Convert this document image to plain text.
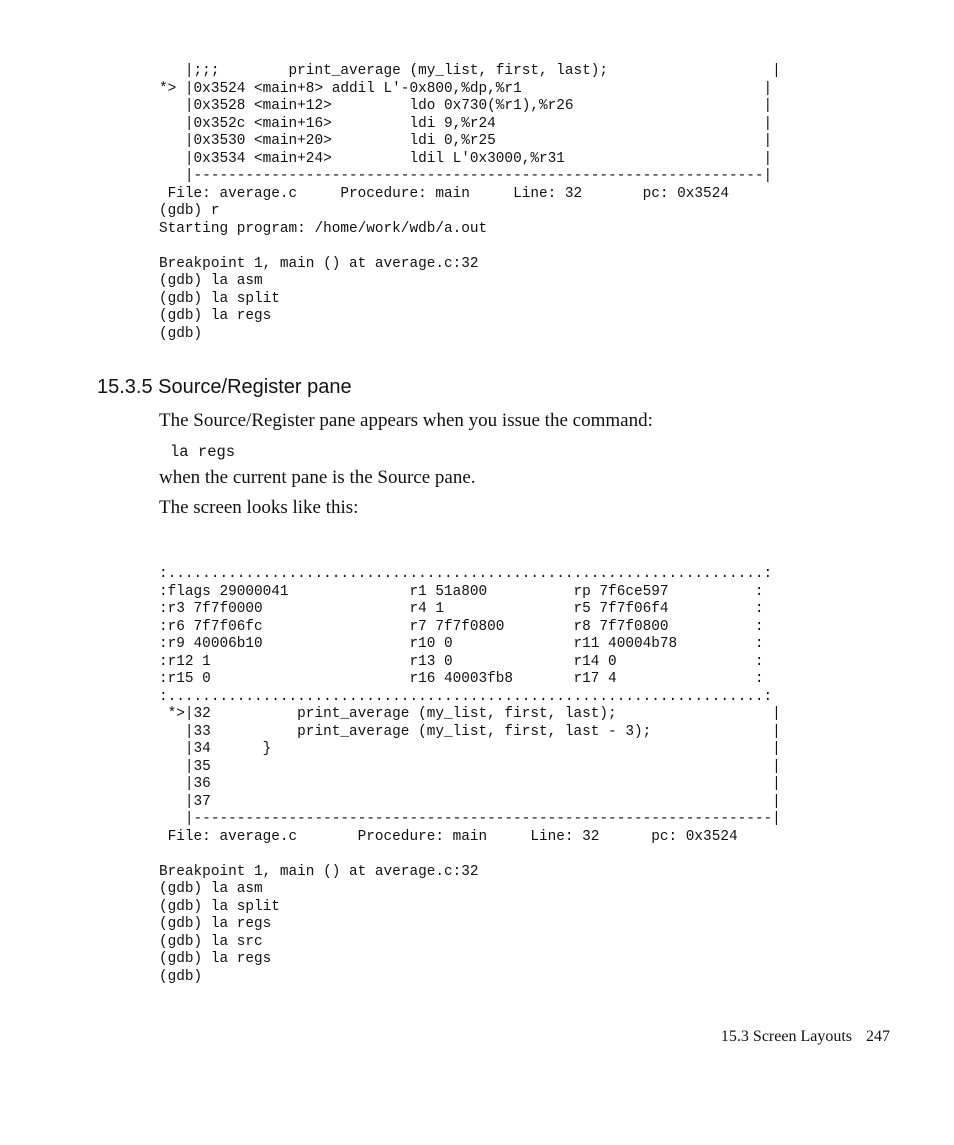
|;;;        print_average (my_list, first, last);                   |
*> |0x3524 <main+8> addil L'-0x800,%dp,%r1                            |
|0x3528 <main+12>         ldo 0x730(%r1),%r26                      |
|0x352c <main+16>         ldi 9,%r24                               |
|0x3530 <main+20>         ldi 0,%r25                               |
|0x3534 <main+24>         ldil L'0x3000,%r31                       |
|------------------------------------------------------------------|
File: average.c     Procedure: main     Line: 32       pc: 0x3524
(gdb) r
Starting program: /home/work/wdb/a.out
Breakpoint 1, main () at average.c:32
(gdb) la asm
(gdb) la split
(gdb) la regs
(gdb)
15.3.5 Source/Register pane
The Source/Register pane appears when you issue the command:
la regs
when the current pane is the Source pane.
The screen looks like this:
:.....................................................................:
:flags 29000041              r1 51a800          rp 7f6ce597          :
:r3 7f7f0000                 r4 1               r5 7f7f06f4          :
:r6 7f7f06fc                 r7 7f7f0800        r8 7f7f0800          :
:r9 40006b10                 r10 0              r11 40004b78         :
:r12 1                       r13 0              r14 0                :
:r15 0                       r16 40003fb8       r17 4                :
:.....................................................................:
*>|32          print_average (my_list, first, last);                  |
|33          print_average (my_list, first, last - 3);              |
|34      }                                                          |
|35                                                                 |
|36                                                                 |
|37                                                                 |
|-------------------------------------------------------------------|
File: average.c       Procedure: main     Line: 32      pc: 0x3524
Breakpoint 1, main () at average.c:32
(gdb) la asm
(gdb) la split
(gdb) la regs
(gdb) la src
(gdb) la regs
(gdb)
15.3 Screen Layouts 247
